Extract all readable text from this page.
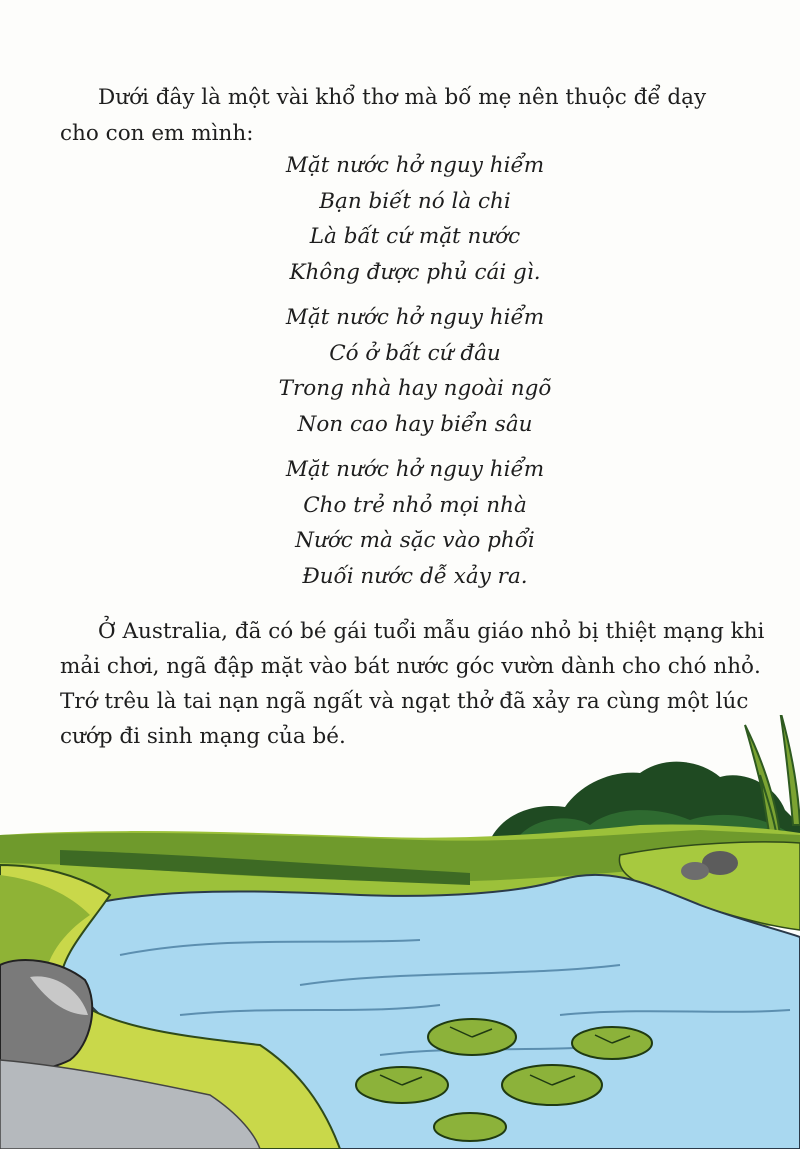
Dưới đây là một vài khổ thơ mà bố mẹ nên thuộc để dạy cho con em mình:

Mặt nước hở nguy hiểm
Bạn biết nó là chi
Là bất cứ mặt nước
Không được phủ cái gì.
Mặt nước hở nguy hiểm
Có ở bất cứ đâu
Trong nhà hay ngoài ngõ
Non cao hay biển sâu
Mặt nước hở nguy hiểm
Cho trẻ nhỏ mọi nhà
Nước mà sặc vào phổi
Đuối nước dễ xảy ra.

Ở Australia, đã có bé gái tuổi mẫu giáo nhỏ bị thiệt mạng khi mải chơi, ngã đập mặt vào bát nước góc vườn dành cho chó nhỏ. Trớ trêu là tai nạn ngã ngất và ngạt thở đã xảy ra cùng một lúc cướp đi sinh mạng của bé.
